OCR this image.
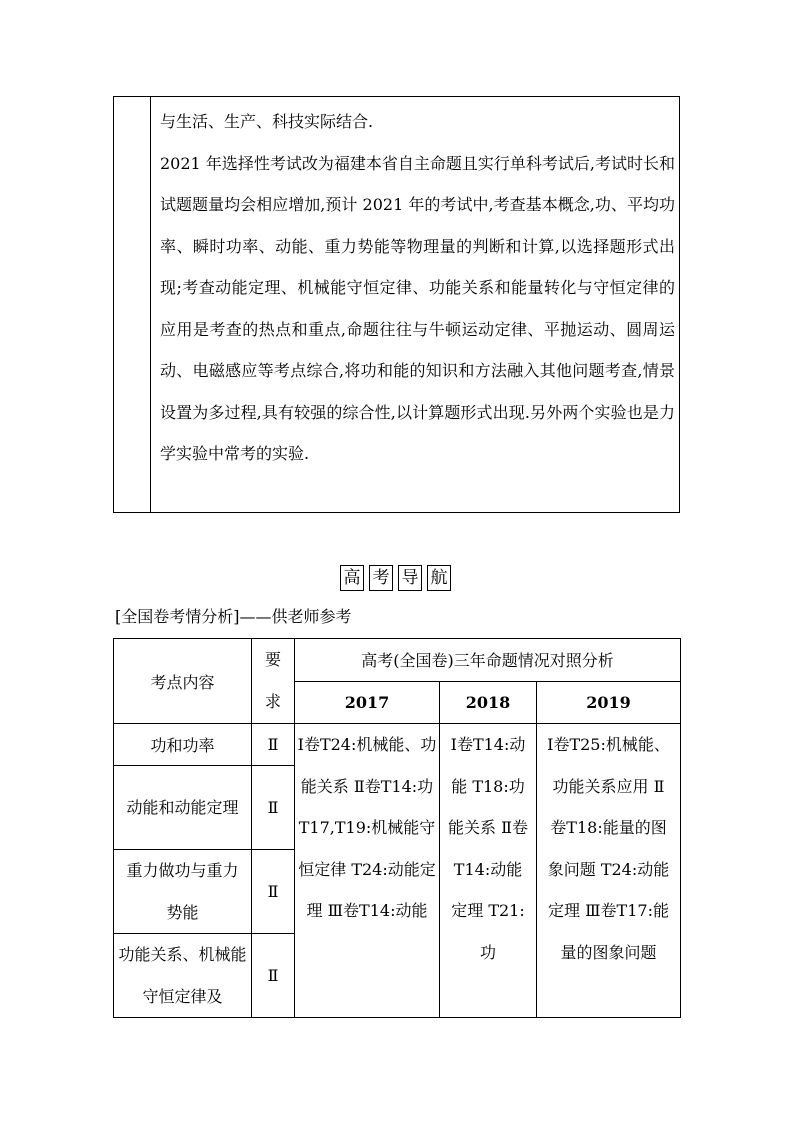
与生活、生产、科技实际结合.

2021 年选择性考试改为福建本省自主命题且实行单科考试后,考试时长和试题题量均会相应增加,预计 2021 年的考试中,考查基本概念,功、平均功率、瞬时功率、动能、重力势能等物理量的判断和计算,以选择题形式出现;考查动能定理、机械能守恒定律、功能关系和能量转化与守恒定律的应用是考查的热点和重点,命题往往与牛顿运动定律、平抛运动、圆周运动、电磁感应等考点综合,将功和能的知识和方法融入其他问题考查,情景设置为多过程,具有较强的综合性,以计算题形式出现.另外两个实验也是力学实验中常考的实验.

高 考 导 航
[全国卷考情分析]——供老师参考
考点内容	要求	高考(全国卷)三年命题情况对照分析		
		2017	2018	2019
功和功率	Ⅱ	Ⅰ卷T24:机械能、功能关系 Ⅱ卷T14:功 T17,T19:机械能守恒定律 T24:动能定理 Ⅲ卷T14:动能	Ⅰ卷T14:动能 T18:功能关系 Ⅱ卷T14:动能定理 T21:功	Ⅰ卷T25:机械能、功能关系应用 Ⅱ卷T18:能量的图象问题 T24:动能定理 Ⅲ卷T17:能量的图象问题

动能和动能定理	Ⅱ			
重力做功与重力势能	Ⅱ			
功能关系、机械能守恒定律及	Ⅱ			
